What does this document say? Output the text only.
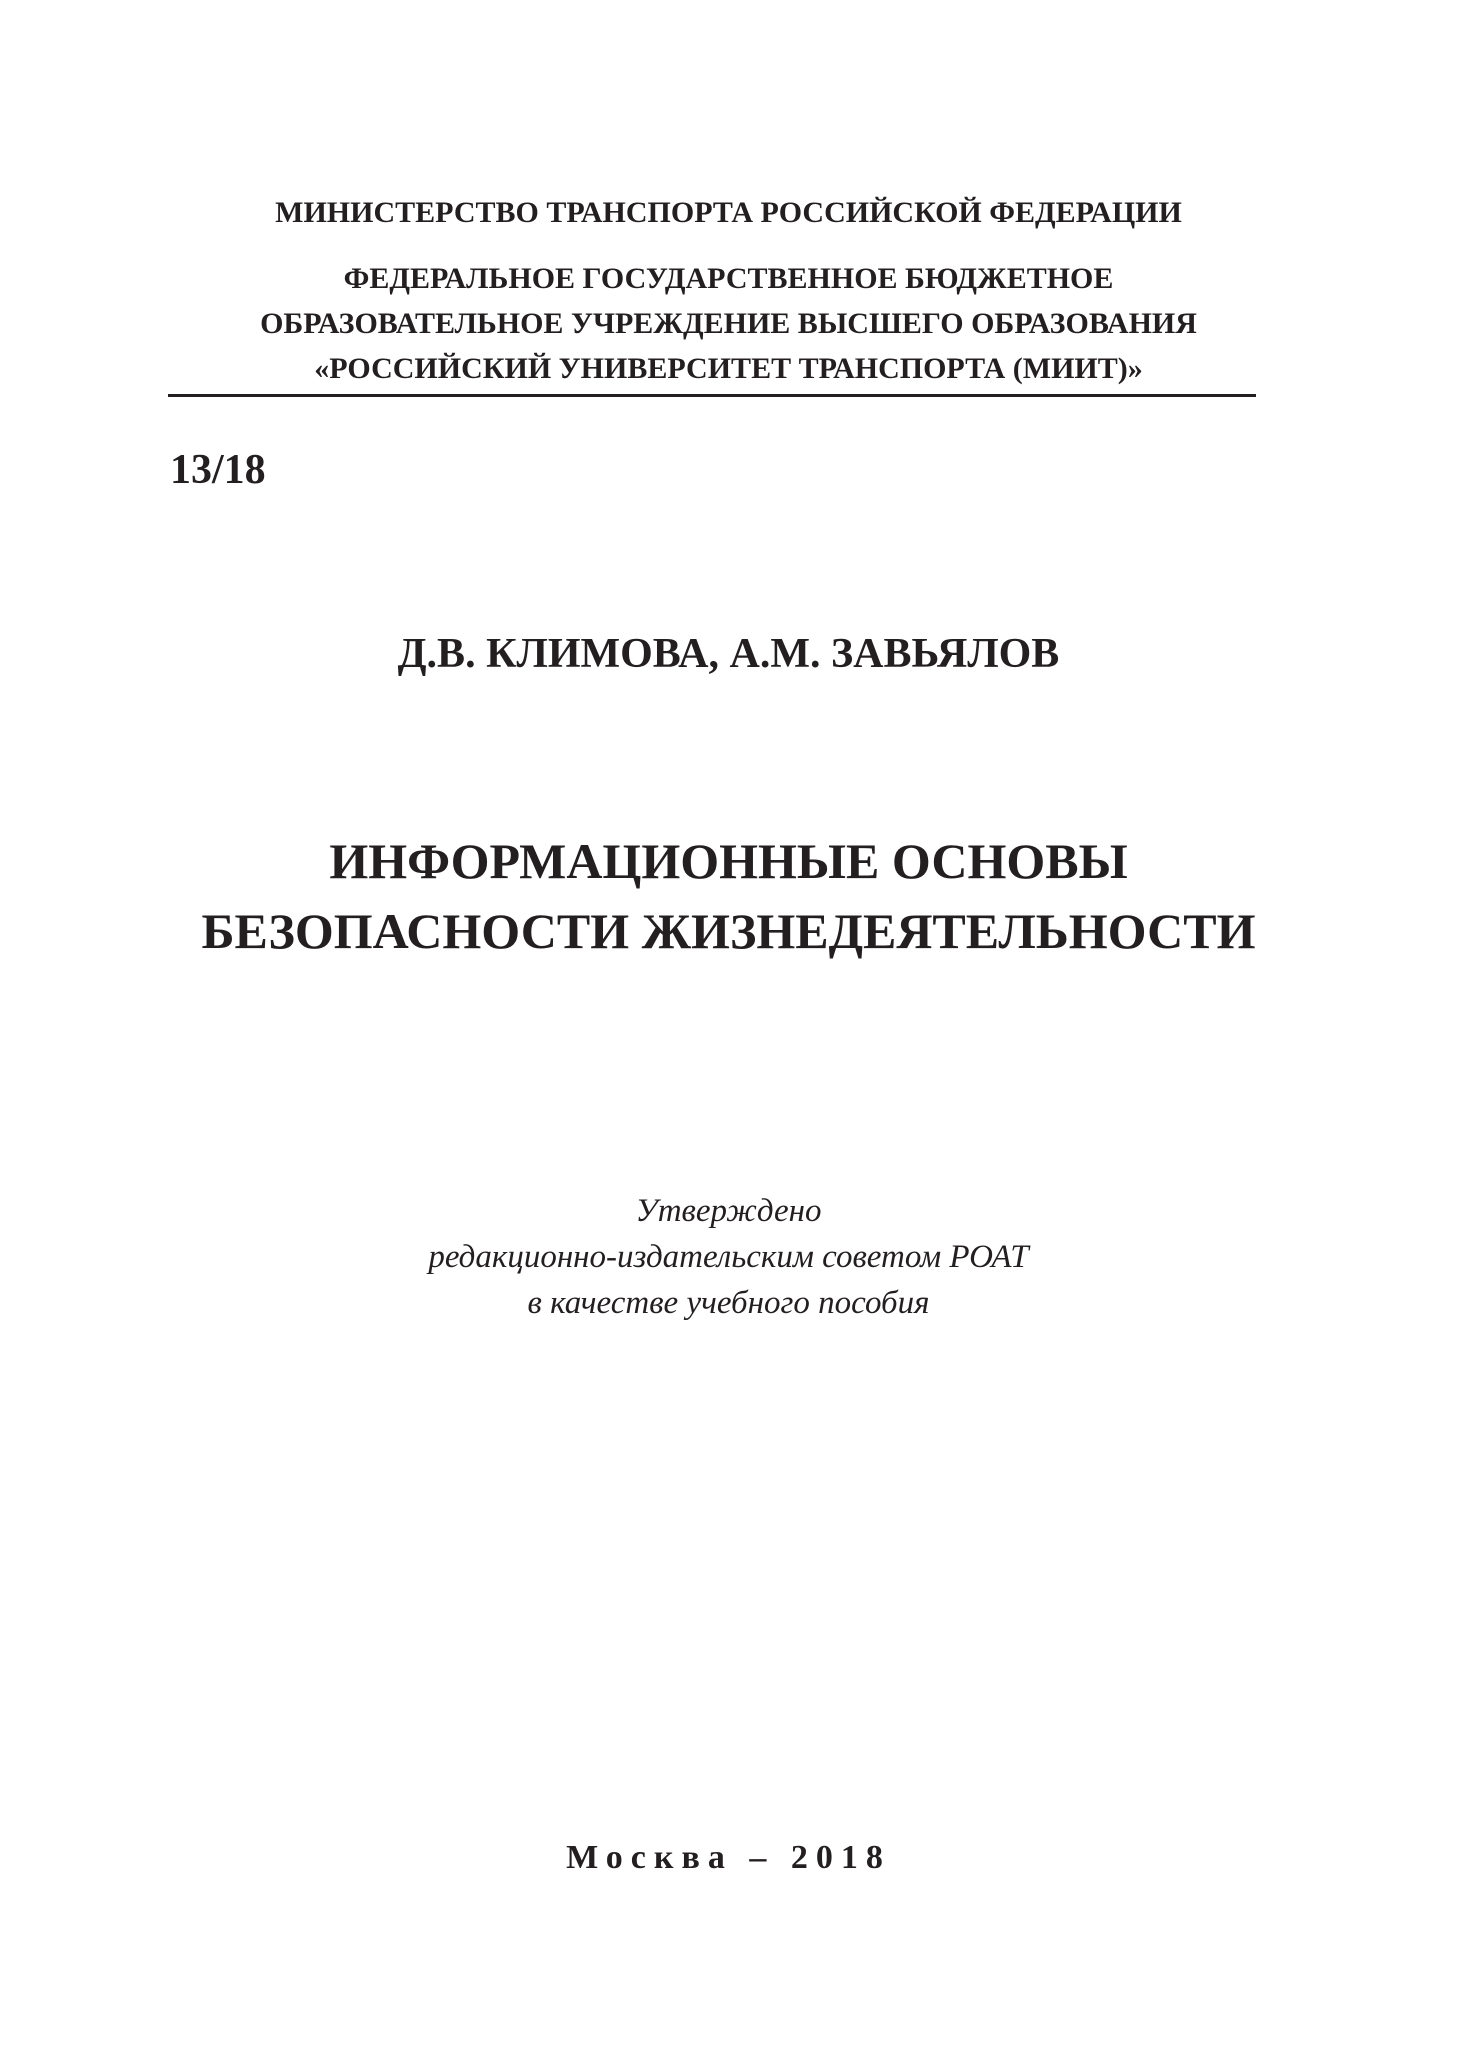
МИНИСТЕРСТВО ТРАНСПОРТА РОССИЙСКОЙ ФЕДЕРАЦИИ
ФЕДЕРАЛЬНОЕ ГОСУДАРСТВЕННОЕ БЮДЖЕТНОЕ
ОБРАЗОВАТЕЛЬНОЕ УЧРЕЖДЕНИЕ ВЫСШЕГО ОБРАЗОВАНИЯ
«РОССИЙСКИЙ УНИВЕРСИТЕТ ТРАНСПОРТА (МИИТ)»
13/18
Д.В. КЛИМОВА, А.М. ЗАВЬЯЛОВ
ИНФОРМАЦИОННЫЕ ОСНОВЫ
БЕЗОПАСНОСТИ ЖИЗНЕДЕЯТЕЛЬНОСТИ
Утверждено
редакционно-издательским советом РОАТ
в качестве учебного пособия
Москва – 2018
